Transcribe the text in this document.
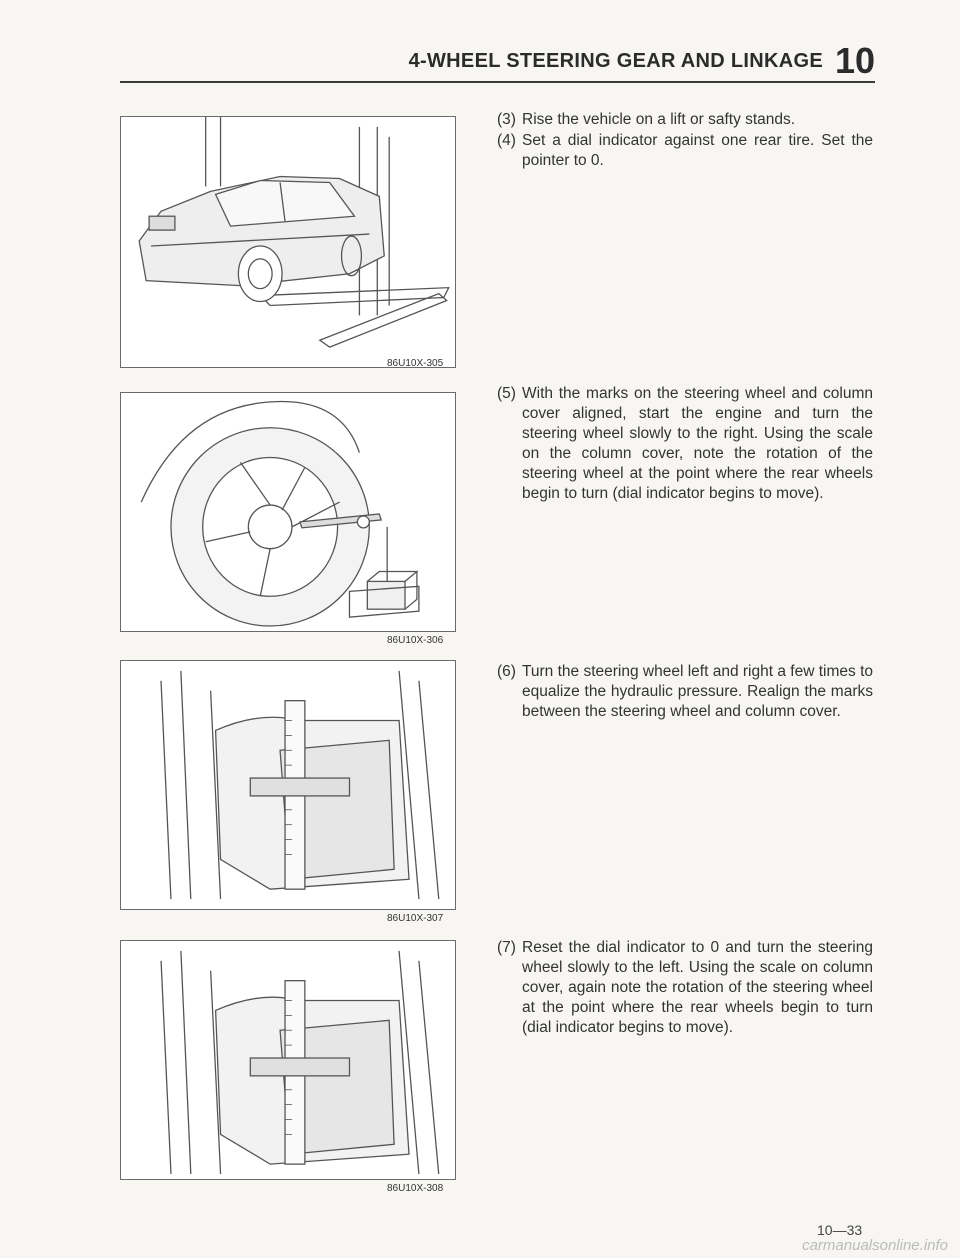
4-WHEEL STEERING GEAR AND LINKAGE 10
86U10X-305
86U10X-306
86U10X-307
86U10X-308
(3) Rise the vehicle on a lift or safty stands.
(4) Set a dial indicator against one rear tire. Set the pointer to 0.
(5) With the marks on the steering wheel and column cover aligned, start the engine and turn the steering wheel slowly to the right. Using the scale on the column cover, note the rotation of the steering wheel at the point where the rear wheels begin to turn (dial indicator begins to move).
(6) Turn the steering wheel left and right a few times to equalize the hydraulic pressure. Realign the marks between the steering wheel and column cover.
(7) Reset the dial indicator to 0 and turn the steering wheel slowly to the left. Using the scale on column cover, again note the rotation of the steering wheel at the point where the rear wheels begin to turn (dial indicator begins to move).
10—33
carmanualsonline.info
